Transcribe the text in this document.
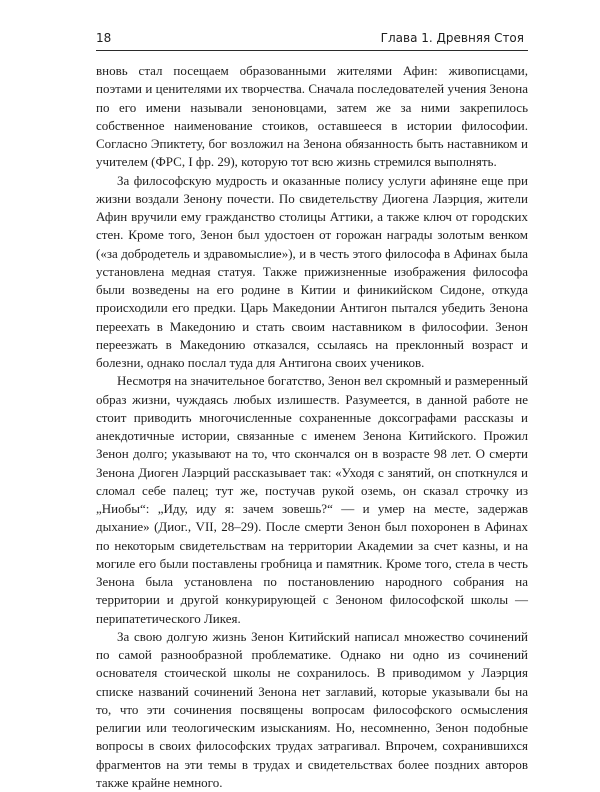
18	Глава 1. Древняя Стоя

вновь стал посещаем образованными жителями Афин: живописцами, поэтами и ценителями их творчества. Сначала последователей учения Зенона по его имени называли зеноновцами, затем же за ними закрепилось собственное наименование стоиков, оставшееся в истории философии. Согласно Эпиктету, бог возложил на Зенона обязанность быть наставником и учителем (ФРС, I фр. 29), которую тот всю жизнь стремился выполнять.

За философскую мудрость и оказанные полису услуги афиняне еще при жизни воздали Зенону почести. По свидетельству Диогена Лаэрция, жители Афин вручили ему гражданство столицы Аттики, а также ключ от городских стен. Кроме того, Зенон был удостоен от горожан награды золотым венком («за добродетель и здравомыслие»), и в честь этого философа в Афинах была установлена медная статуя. Также прижизненные изображения философа были возведены на его родине в Китии и финикийском Сидоне, откуда происходили его предки. Царь Македонии Антигон пытался убедить Зенона переехать в Македонию и стать своим наставником в философии. Зенон переезжать в Македонию отказался, ссылаясь на преклонный возраст и болезни, однако послал туда для Антигона своих учеников.

Несмотря на значительное богатство, Зенон вел скромный и размеренный образ жизни, чуждаясь любых излишеств. Разумеется, в данной работе не стоит приводить многочисленные сохраненные доксографами рассказы и анекдотичные истории, связанные с именем Зенона Китийского. Прожил Зенон долго; указывают на то, что скончался он в возрасте 98 лет. О смерти Зенона Диоген Лаэрций рассказывает так: «Уходя с занятий, он споткнулся и сломал себе палец; тут же, постучав рукой оземь, он сказал строчку из „Ниобы“: „Иду, иду я: зачем зовешь?“ — и умер на месте, задержав дыхание» (Диог., VII, 28–29). После смерти Зенон был похоронен в Афинах по некоторым свидетельствам на территории Академии за счет казны, и на могиле его были поставлены гробница и памятник. Кроме того, стела в честь Зенона была установлена по постановлению народного собрания на территории и другой конкурирующей с Зеноном философской школы — перипатетического Ликея.

За свою долгую жизнь Зенон Китийский написал множество сочинений по самой разнообразной проблематике. Однако ни одно из сочинений основателя стоической школы не сохранилось. В приводимом у Лаэрция списке названий сочинений Зенона нет заглавий, которые указывали бы на то, что эти сочинения посвящены вопросам философского осмысления религии или теологическим изысканиям. Но, несомненно, Зенон подобные вопросы в своих философских трудах затрагивал. Впрочем, сохранившихся фрагментов на эти темы в трудах и свидетельствах более поздних авторов также крайне немного.
